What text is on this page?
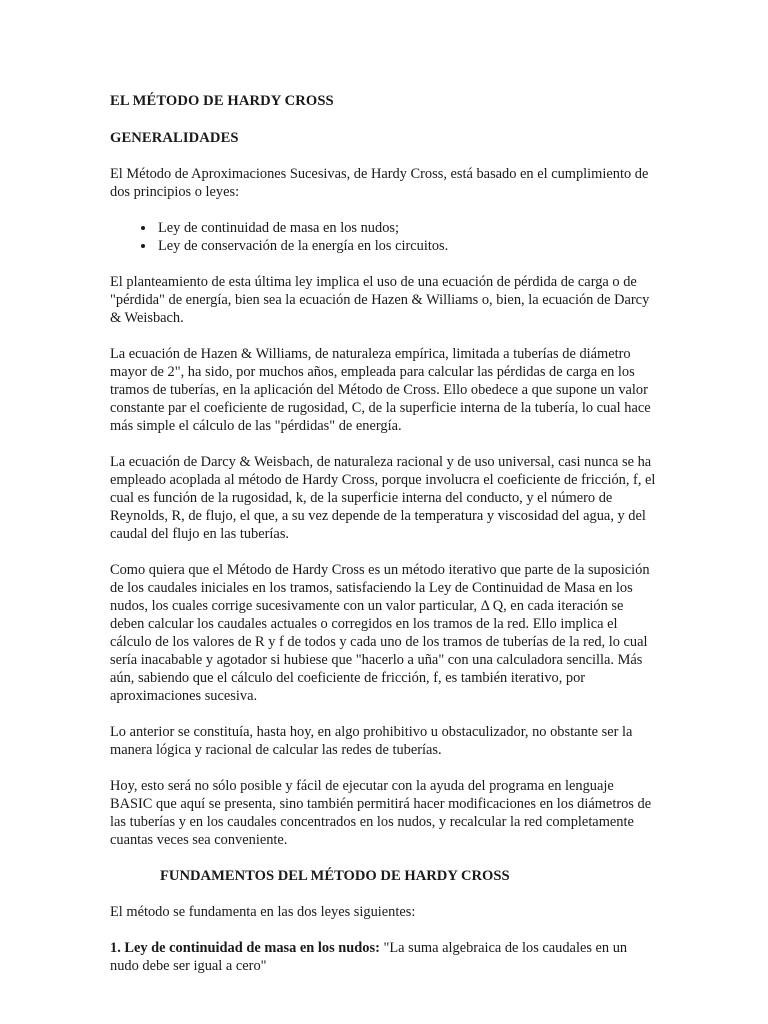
EL MÉTODO DE HARDY CROSS
GENERALIDADES

El Método de Aproximaciones Sucesivas, de Hardy Cross, está basado en el cumplimiento de dos principios o leyes:

• Ley de continuidad de masa en los nudos;
• Ley de conservación de la energía en los circuitos.

El planteamiento de esta última ley implica el uso de una ecuación de pérdida de carga o de "pérdida" de energía, bien sea la ecuación de Hazen & Williams o, bien, la ecuación de Darcy & Weisbach.

La ecuación de Hazen & Williams, de naturaleza empírica, limitada a tuberías de diámetro mayor de 2", ha sido, por muchos años, empleada para calcular las pérdidas de carga en los tramos de tuberías, en la aplicación del Método de Cross. Ello obedece a que supone un valor constante par el coeficiente de rugosidad, C, de la superficie interna de la tubería, lo cual hace más simple el cálculo de las "pérdidas" de energía.

La ecuación de Darcy & Weisbach, de naturaleza racional y de uso universal, casi nunca se ha empleado acoplada al método de Hardy Cross, porque involucra el coeficiente de fricción, f, el cual es función de la rugosidad, k, de la superficie interna del conducto, y el número de Reynolds, R, de flujo, el que, a su vez depende de la temperatura y viscosidad del agua, y del caudal del flujo en las tuberías.

Como quiera que el Método de Hardy Cross es un método iterativo que parte de la suposición de los caudales iniciales en los tramos, satisfaciendo la Ley de Continuidad de Masa en los nudos, los cuales corrige sucesivamente con un valor particular, Δ Q, en cada iteración se deben calcular los caudales actuales o corregidos en los tramos de la red. Ello implica el cálculo de los valores de R y f de todos y cada uno de los tramos de tuberías de la red, lo cual sería inacabable y agotador si hubiese que "hacerlo a uña" con una calculadora sencilla. Más aún, sabiendo que el cálculo del coeficiente de fricción, f, es también iterativo, por aproximaciones sucesiva.

Lo anterior se constituía, hasta hoy, en algo prohibitivo u obstaculizador, no obstante ser la manera lógica y racional de calcular las redes de tuberías.

Hoy, esto será no sólo posible y fácil de ejecutar con la ayuda del programa en lenguaje BASIC que aquí se presenta, sino también permitirá hacer modificaciones en los diámetros de las tuberías y en los caudales concentrados en los nudos, y recalcular la red completamente cuantas veces sea conveniente.

FUNDAMENTOS DEL MÉTODO DE HARDY CROSS

El método se fundamenta en las dos leyes siguientes:

1. Ley de continuidad de masa en los nudos: "La suma algebraica de los caudales en un nudo debe ser igual a cero"
